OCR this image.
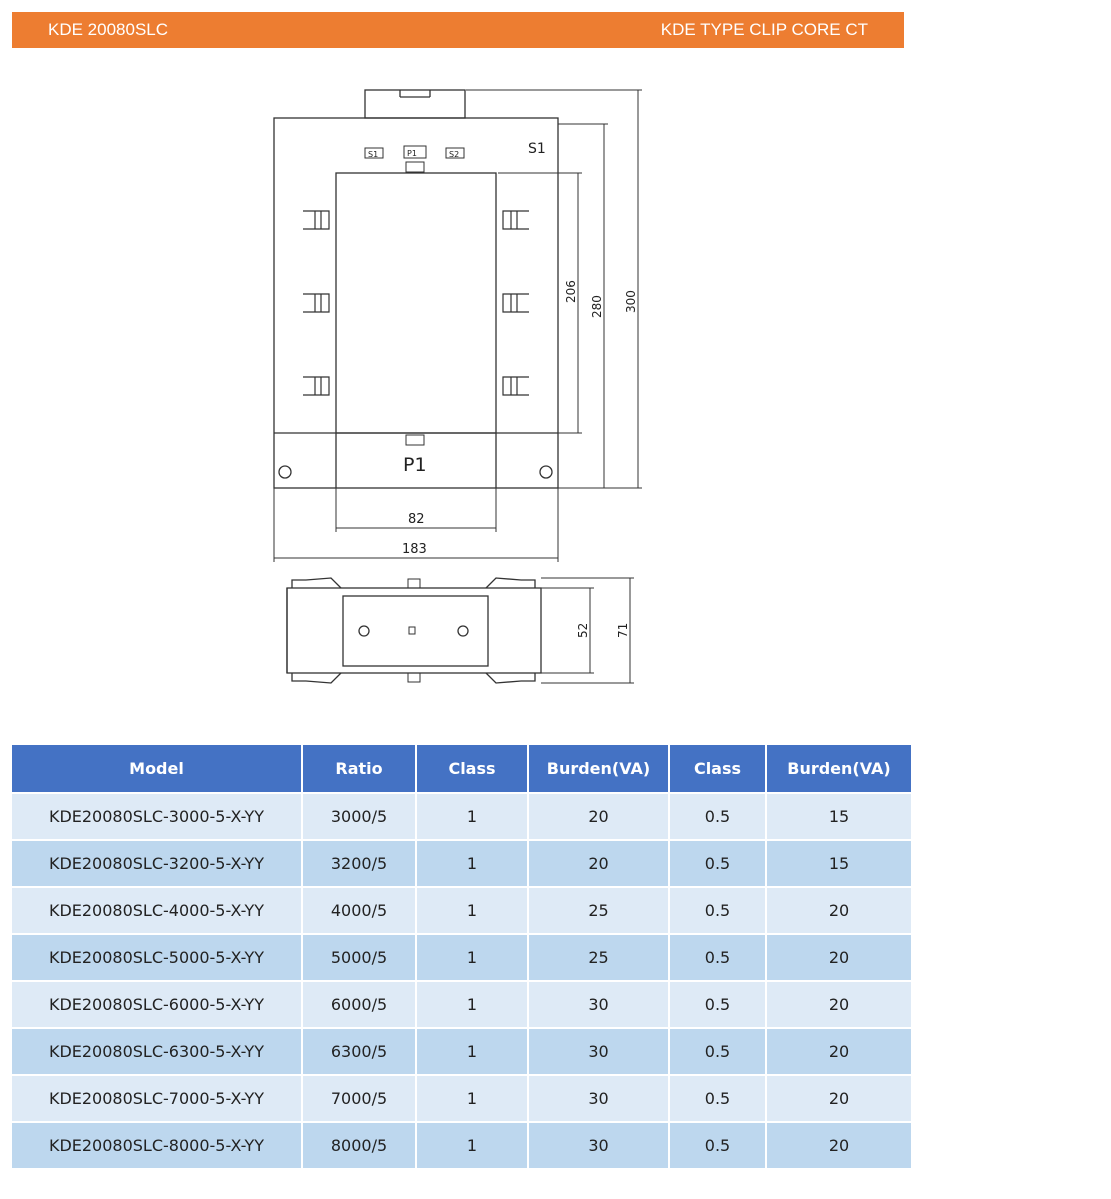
KDE 20080SLC	KDE TYPE CLIP CORE CT
S1	P1	S2	S1
P1
82
183
206
280 300
52 71
Model	Ratio	Class	Burden(VA)	Class	Burden(VA)
KDE20080SLC-3000-5-X-YY	3000/5	1	20	0.5	15
KDE20080SLC-3200-5-X-YY	3200/5	1	20	0.5	15
KDE20080SLC-4000-5-X-YY	4000/5	1	25	0.5	20
KDE20080SLC-5000-5-X-YY	5000/5	1	25	0.5	20
KDE20080SLC-6000-5-X-YY	6000/5	1	30	0.5	20
KDE20080SLC-6300-5-X-YY	6300/5	1	30	0.5	20
KDE20080SLC-7000-5-X-YY	7000/5	1	30	0.5	20
KDE20080SLC-8000-5-X-YY	8000/5	1	30	0.5	20
